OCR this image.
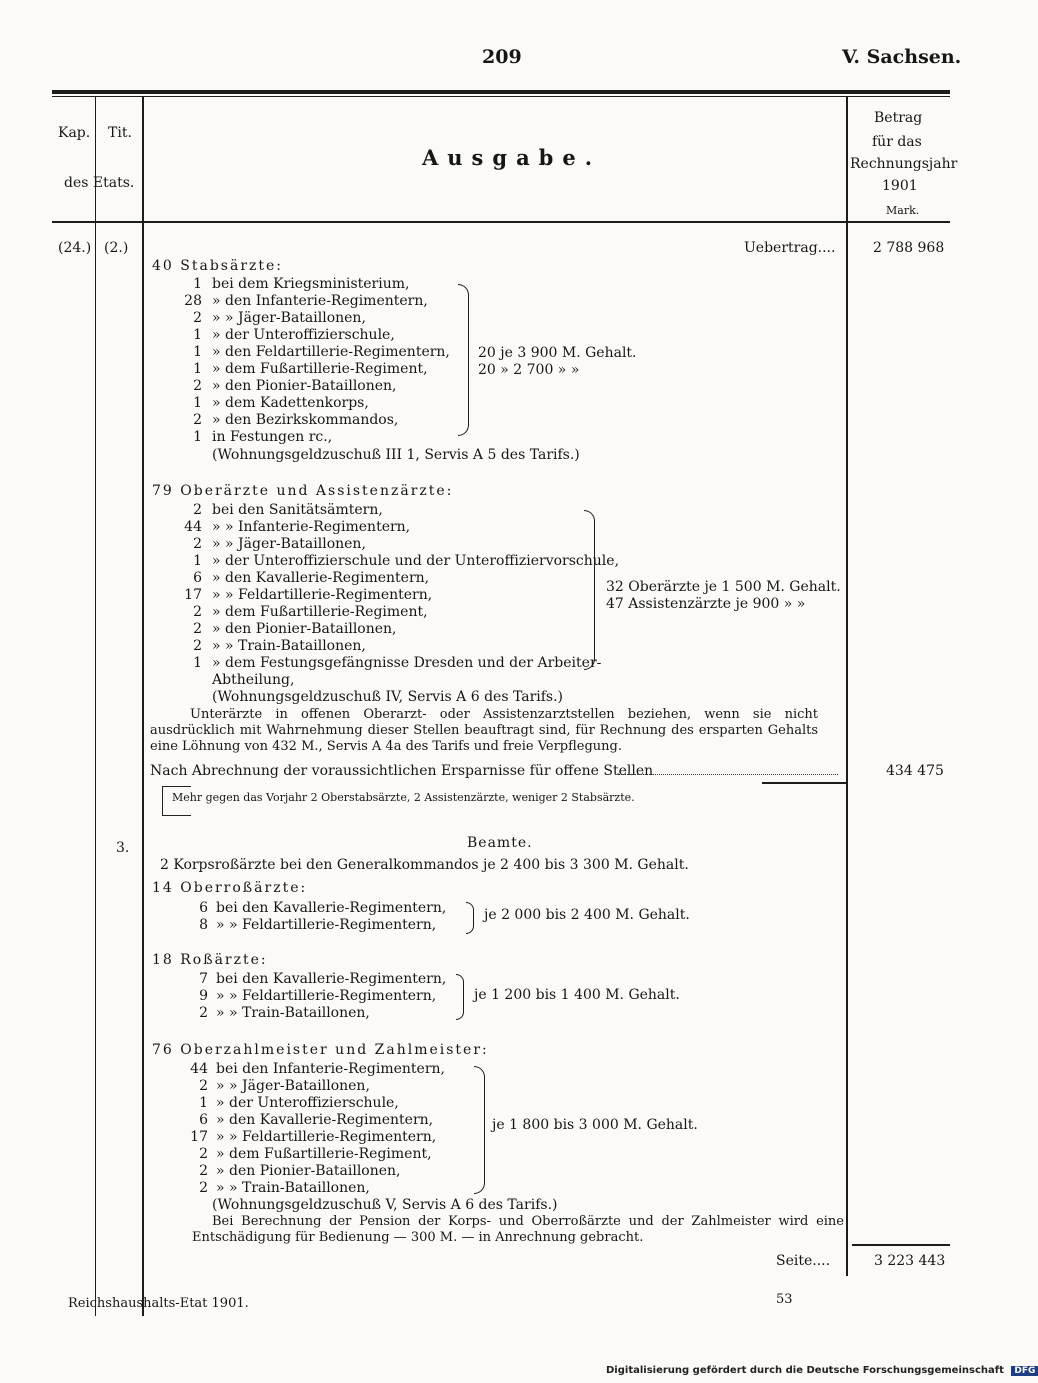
209	V. Sachsen.
Kap. Tit.
des Etats.
Ausgabe.
Betrag
für das
Rechnungsjahr
1901
Mark.
(24.) (2.)
3.
Uebertrag....	2 788 968
40 Stabsärzte:
1 bei dem Kriegsministerium,
28 » den Infanterie-Regimentern,
2 » » Jäger-Bataillonen,
1 » der Unteroffizierschule,
1 » den Feldartillerie-Regimentern,
1 » dem Fußartillerie-Regiment,
2 » den Pionier-Bataillonen,
1 » dem Kadettenkorps,
2 » den Bezirkskommandos,
1 in Festungen rc.,
(Wohnungsgeldzuschuß III 1, Servis A 5 des Tarifs.)
20 je 3 900 M. Gehalt.
20 » 2 700 » »
79 Oberärzte und Assistenzärzte:
2 bei den Sanitätsämtern,
44 » » Infanterie-Regimentern,
2 » » Jäger-Bataillonen,
1 » der Unteroffizierschule und der Unteroffiziervorschule,
6 » den Kavallerie-Regimentern,
17 » » Feldartillerie-Regimentern,
2 » dem Fußartillerie-Regiment,
2 » den Pionier-Bataillonen,
2 » » Train-Bataillonen,
1 » dem Festungsgefängnisse Dresden und der Arbeiter-
Abtheilung,
32 Oberärzte je 1 500 M. Gehalt.
47 Assistenzärzte je 900 » »
(Wohnungsgeldzuschuß IV, Servis A 6 des Tarifs.)
Unterärzte in offenen Oberarzt- oder Assistenzarztstellen beziehen, wenn sie nicht ausdrücklich mit Wahrnehmung dieser Stellen beauftragt sind, für Rechnung des ersparten Gehalts eine Löhnung von 432 M., Servis A 4a des Tarifs und freie Verpflegung.
Nach Abrechnung der voraussichtlichen Ersparnisse für offene Stellen	434 475
Mehr gegen das Vorjahr 2 Oberstabsärzte, 2 Assistenzärzte, weniger 2 Stabsärzte.
Beamte.
2 Korpsroßärzte bei den Generalkommandos je 2 400 bis 3 300 M. Gehalt.
14 Oberroßärzte:
6 bei den Kavallerie-Regimentern,
8 » » Feldartillerie-Regimentern,
je 2 000 bis 2 400 M. Gehalt.
18 Roßärzte:
7 bei den Kavallerie-Regimentern,
9 » » Feldartillerie-Regimentern,
2 » » Train-Bataillonen,
je 1 200 bis 1 400 M. Gehalt.
76 Oberzahlmeister und Zahlmeister:
44 bei den Infanterie-Regimentern,
2 » » Jäger-Bataillonen,
1 » der Unteroffizierschule,
6 » den Kavallerie-Regimentern,
17 » » Feldartillerie-Regimentern,
2 » dem Fußartillerie-Regiment,
2 » den Pionier-Bataillonen,
2 » » Train-Bataillonen,
je 1 800 bis 3 000 M. Gehalt.
(Wohnungsgeldzuschuß V, Servis A 6 des Tarifs.)
Bei Berechnung der Pension der Korps- und Oberroßärzte und der Zahlmeister wird eine Entschädigung für Bedienung — 300 M. — in Anrechnung gebracht.
Seite....	3 223 443
Reichshaushalts-Etat 1901.	53
Digitalisierung gefördert durch die Deutsche Forschungsgemeinschaft DFG
